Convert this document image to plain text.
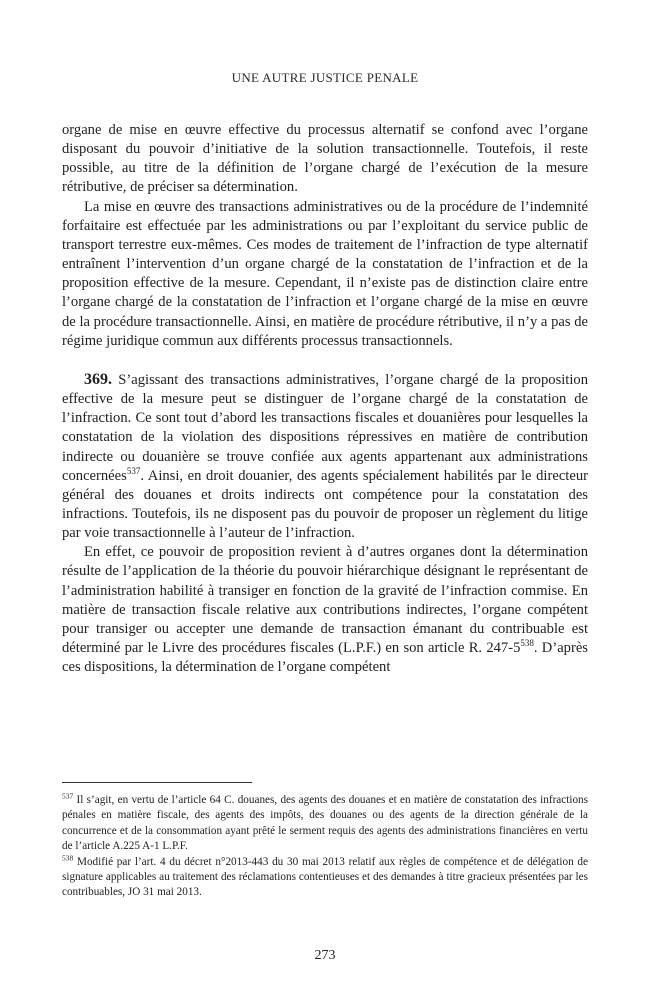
UNE AUTRE JUSTICE PENALE

organe de mise en œuvre effective du processus alternatif se confond avec l’organe disposant du pouvoir d’initiative de la solution transactionnelle. Toutefois, il reste possible, au titre de la définition de l’organe chargé de l’exécution de la mesure rétributive, de préciser sa détermination.

La mise en œuvre des transactions administratives ou de la procédure de l’indemnité forfaitaire est effectuée par les administrations ou par l’exploitant du service public de transport terrestre eux-mêmes. Ces modes de traitement de l’infraction de type alternatif entraînent l’intervention d’un organe chargé de la constatation de l’infraction et de la proposition effective de la mesure. Cependant, il n’existe pas de distinction claire entre l’organe chargé de la constatation de l’infraction et l’organe chargé de la mise en œuvre de la procédure transactionnelle. Ainsi, en matière de procédure rétributive, il n’y a pas de régime juridique commun aux différents processus transactionnels.

369. S’agissant des transactions administratives, l’organe chargé de la proposition effective de la mesure peut se distinguer de l’organe chargé de la constatation de l’infraction. Ce sont tout d’abord les transactions fiscales et douanières pour lesquelles la constatation de la violation des dispositions répressives en matière de contribution indirecte ou douanière se trouve confiée aux agents appartenant aux administrations concernées$^{537}$. Ainsi, en droit douanier, des agents spécialement habilités par le directeur général des douanes et droits indirects ont compétence pour la constatation des infractions. Toutefois, ils ne disposent pas du pouvoir de proposer un règlement du litige par voie transactionnelle à l’auteur de l’infraction.

En effet, ce pouvoir de proposition revient à d’autres organes dont la détermination résulte de l’application de la théorie du pouvoir hiérarchique désignant le représentant de l’administration habilité à transiger en fonction de la gravité de l’infraction commise. En matière de transaction fiscale relative aux contributions indirectes, l’organe compétent pour transiger ou accepter une demande de transaction émanant du contribuable est déterminé par le Livre des procédures fiscales (L.P.F.) en son article R. $247-5^{538}$. D’après ces dispositions, la détermination de l’organe compétent

$^{537}$ Il s’agit, en vertu de l’article 64 C. douanes, des agents des douanes et en matière de constatation des infractions pénales en matière fiscale, des agents des impôts, des douanes ou des agents de la direction générale de la concurrence et de la consommation ayant prêté le serment requis des agents des administrations financières en vertu de l’article A.225 A-1 L.P.F.

$^{538}$ Modifié par l’art. 4 du décret n°2013-443 du 30 mai 2013 relatif aux règles de compétence et de délégation de signature applicables au traitement des réclamations contentieuses et des demandes à titre gracieux présentées par les contribuables, JO 31 mai 2013.

273
